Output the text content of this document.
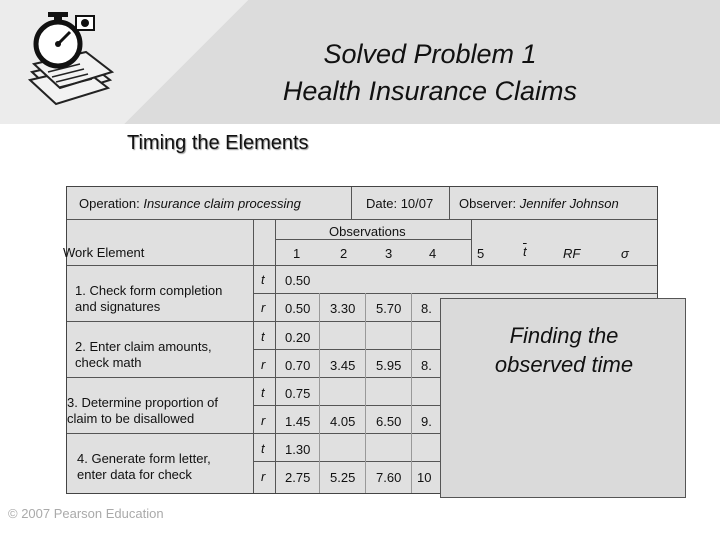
Solved Problem 1
Health Insurance Claims
Timing the Elements
Operation: Insurance claim processing	Date: 10/07 Observer: Jennifer Johnson
Work Element
Observations
1	2	3	4	5	$\overline{t}$	RF	σ
1. Check form completion
and signatures
t 0.50
r 0.50 3.30 5.70 8.
2. Enter claim amounts,
check math
t 0.20
r 0.70 3.45 5.95 8.
3. Determine proportion of
claim to be disallowed
t 0.75
r 1.45 4.05 6.50 9.
4. Generate form letter,
enter data for check
t 1.30
r 2.75 5.25 7.60 10
Finding the
observed time
© 2007 Pearson Education
